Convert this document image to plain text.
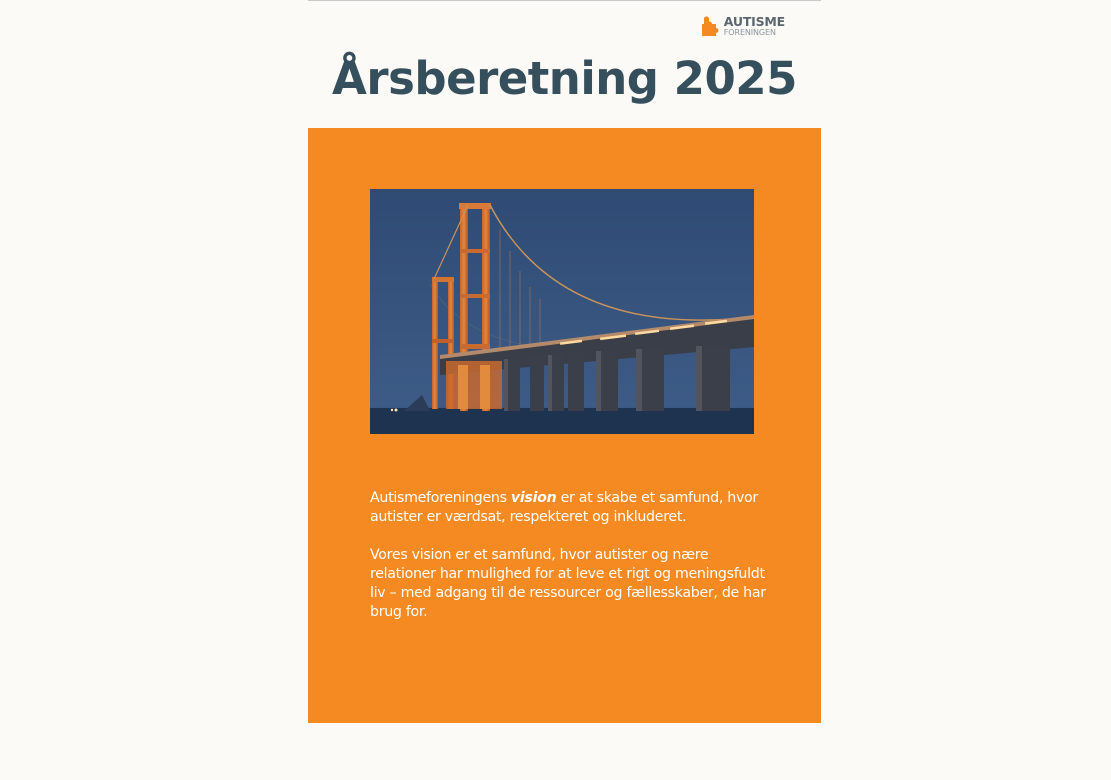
AUTISME
FORENINGEN
Årsberetning 2025

Autismeforeningens vision er at skabe et samfund, hvor autister er værdsat, respekteret og inkluderet.

Vores vision er et samfund, hvor autister og nære relationer har mulighed for at leve et rigt og meningsfuldt liv – med adgang til de ressourcer og fællesskaber, de har brug for.
